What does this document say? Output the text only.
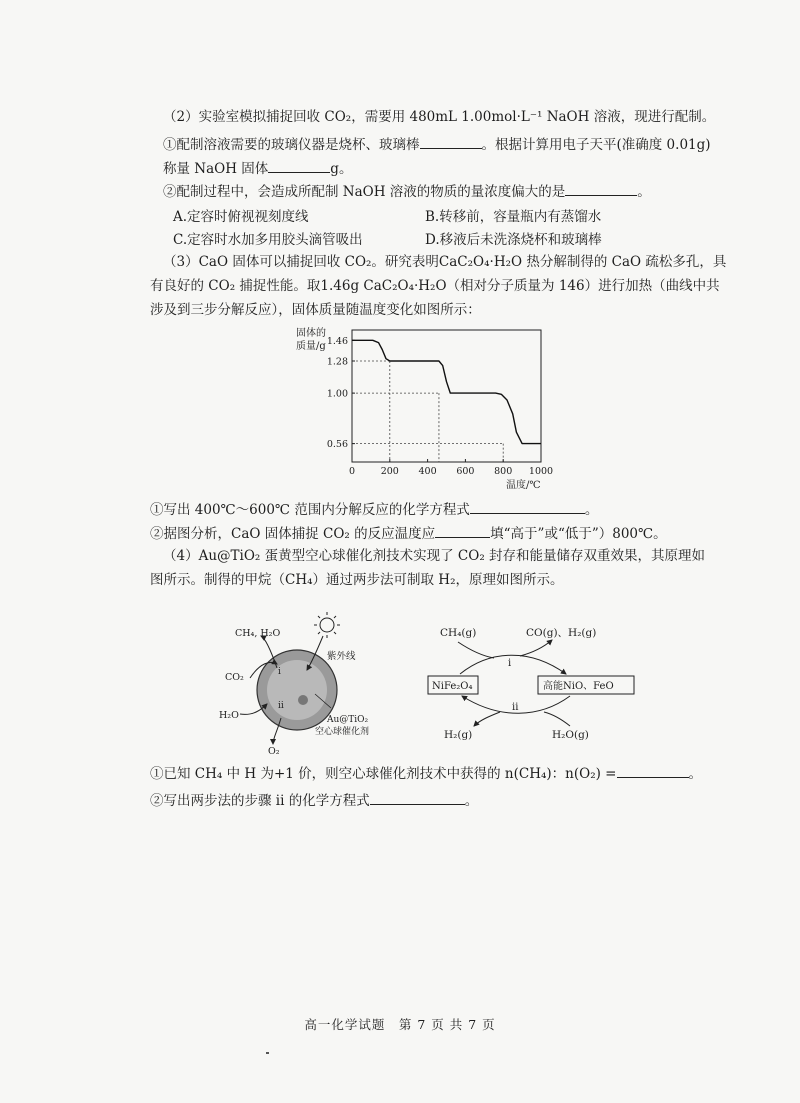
（2）实验室模拟捕捉回收 CO₂，需要用 480mL 1.00mol·L⁻¹ NaOH 溶液，现进行配制。
①配制溶液需要的玻璃仪器是烧杯、玻璃棒	。根据计算用电子天平(准确度 0.01g)
称量 NaOH 固体	g。
②配制过程中，会造成所配制 NaOH 溶液的物质的量浓度偏大的是	。
A.定容时俯视视刻度线	B.转移前，容量瓶内有蒸馏水
C.定容时水加多用胶头滴管吸出	D.移液后未洗涤烧杯和玻璃棒
（3）CaO 固体可以捕捉回收 CO₂。研究表明CaC₂O₄·H₂O 热分解制得的 CaO 疏松多孔，具
有良好的 CO₂ 捕捉性能。取1.46g CaC₂O₄·H₂O（相对分子质量为 146）进行加热（曲线中共
涉及到三步分解反应），固体质量随温度变化如图所示：
固体的
质量/g
温度/℃
0	200 400 600 800 1000
1.46
1.28
1.00
0.56
①写出 400℃～600℃ 范围内分解反应的化学方程式	。
②据图分析，CaO 固体捕捉 CO₂ 的反应温度应	填“高于”或“低于”）800℃。
（4）Au@TiO₂ 蛋黄型空心球催化剂技术实现了 CO₂ 封存和能量储存双重效果，其原理如
图所示。制得的甲烷（CH₄）通过两步法可制取 H₂，原理如图所示。
CH₄, H₂O
紫外线
CO₂
H₂O
O₂
Au@TiO₂
空心球催化剂
i
ii
CH₄(g)	CO(g)、H₂(g)
NiFe₂O₄	高能NiO、FeO
i
ii
H₂(g)	H₂O(g)
①已知 CH₄ 中 H 为+1 价，则空心球催化剂技术中获得的 n(CH₄)：n(O₂) =	。
②写出两步法的步骤 ii 的化学方程式	。
高一化学试题　第 7 页 共 7 页
